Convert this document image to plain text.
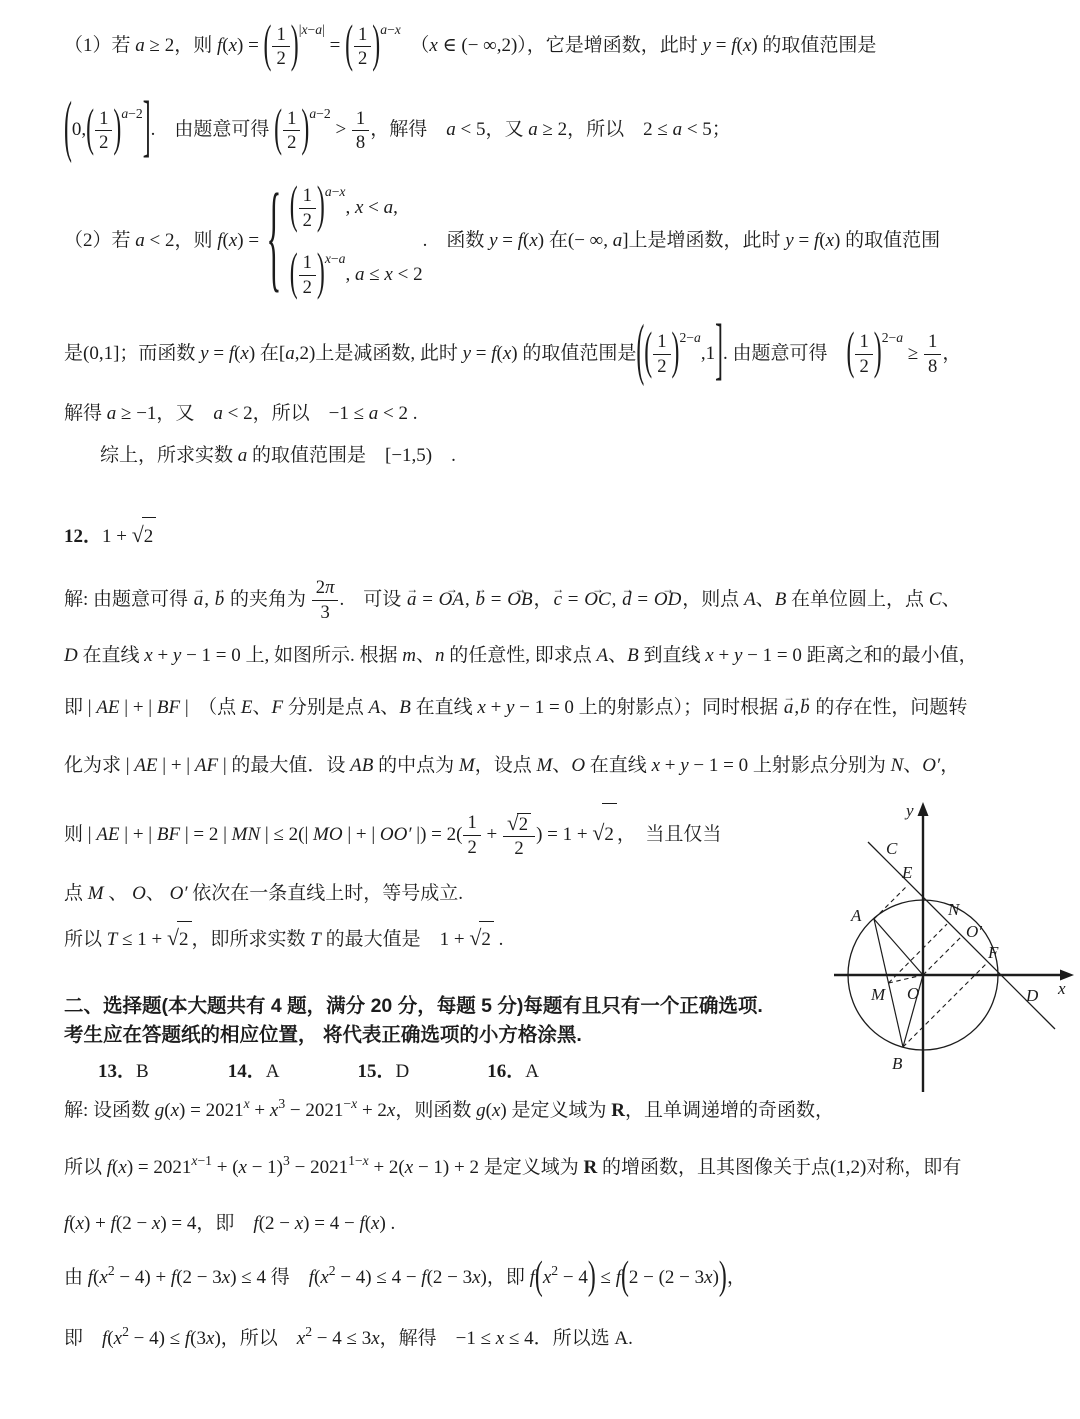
（1）若 a ≥ 2，则 f(x) = ( $\frac{1}{2} )|x-a|$ = ( $\frac{1}{2} )a-x$　（x ∈ (− ∞,2)），它是增函数，此时 y = f(x) 的取值范围是
$(0,( \frac{1}{2} )a-2]$.　由题意可得 ( $\frac{1}{2} )a-2 > \frac{1}{8}$ ，解得　a < 5，又 a ≥ 2，所以　2 ≤ a < 5；
（2）若 a < 2，则 f(x) = { ( $\frac{1}{2} )a-x$, x < a,
( $\frac{1}{2} )x-a$, a ≤ x < 2
.　函数 y = f(x) 在(− ∞, a]上是增函数，此时 y = f(x) 的取值范围
是(0,1]；而函数 y = f(x) 在[a,2)上是减函数, 此时 y = f(x) 的取值范围是(( $\frac{1}{2} )2-a,1$]. 由题意可得　( $\frac{1}{2} )2-a \ge \frac{1}{8}$ ，
解得 a ≥ −1，又　a < 2，所以　−1 ≤ a < 2 .
综上，所求实数 a 的取值范围是　[−1,5)　.
12．1 + √2
解: 由题意可得 → a, → b 的夹角为 $\frac{2\pi}{3}$ .　可设 → a = → OA, → b = → OB，→ c = → OC, → d = → OD，则点 A、B 在单位圆上，点 C、
D 在直线 x + y − 1 = 0 上, 如图所示. 根据 m、n 的任意性, 即求点 A、B 到直线 x + y − 1 = 0 距离之和的最小值，
即 | AE | + | BF |　（点 E、F 分别是点 A、B 在直线 x + y − 1 = 0 上的射影点）；同时根据 → a,→ b 的存在性，问题转
化为求 | AE | + | AF | 的最大值．设 AB 的中点为 M，设点 M、O 在直线 x + y − 1 = 0 上射影点分别为 N、O′，
则 | AE | + | BF | = 2 | MN | ≤ 2(| MO | + | OO′ |) = $2( \frac{1}{2} + \frac{√2}{2}$ ) = 1 + √2 ，　当且仅当
点 M 、 O、 O′ 依次在一条直线上时，等号成立.
所以 T ≤ 1 + √2 ，即所求实数 T 的最大值是　1 + √2 .
二、选择题(本大题共有 4 题，满分 20 分，每题 5 分)每题有且只有一个正确选项. 考生应在答题纸的相应位置， 将代表正确选项的小方格涂黑.
13．B	14．A	15．D	16．A
解: 设函数 g(x) = 2021x + x3 − 2021−x + 2x，则函数 g(x) 是定义域为 R，且单调递增的奇函数，
所以 f(x) = 2021x−1 + (x − 1)3 − 20211−x + 2(x − 1) + 2 是定义域为 R 的增函数，且其图像关于点(1,2)对称，即有
f(x) + f(2 − x) = 4，即　f(2 − x) = 4 − f(x) .
由 f(x2 − 4) + f(2 − 3x) ≤ 4 得　f(x2 − 4) ≤ 4 − f(2 − 3x)，即 f(x2 − 4) ≤ f(2 − (2 − 3x))，
即　f(x2 − 4) ≤ f(3x)，所以　x2 − 4 ≤ 3x，解得　−1 ≤ x ≤ 4．所以选 A.
y
x
C
E
A	N
O′
F
M O
B
D
